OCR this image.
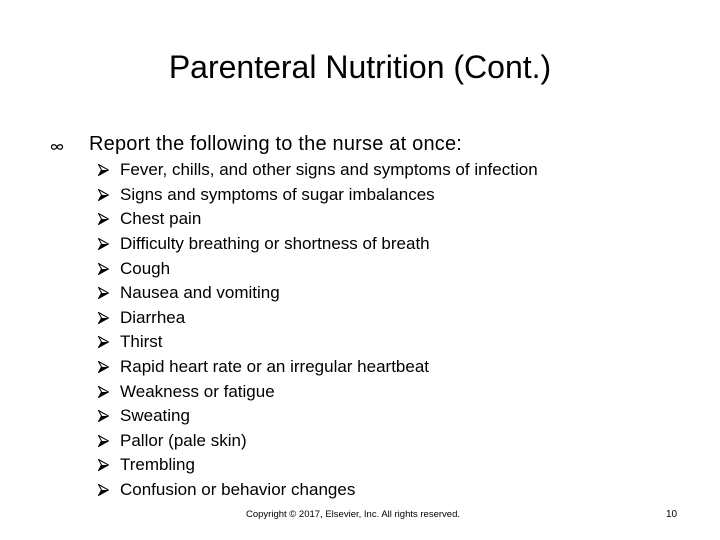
Parenteral Nutrition (Cont.)
Report the following to the nurse at once:
Fever, chills, and other signs and symptoms of infection
Signs and symptoms of sugar imbalances
Chest pain
Difficulty breathing or shortness of breath
Cough
Nausea and vomiting
Diarrhea
Thirst
Rapid heart rate or an irregular heartbeat
Weakness or fatigue
Sweating
Pallor (pale skin)
Trembling
Confusion or behavior changes
Copyright © 2017, Elsevier, Inc. All rights reserved.	10
